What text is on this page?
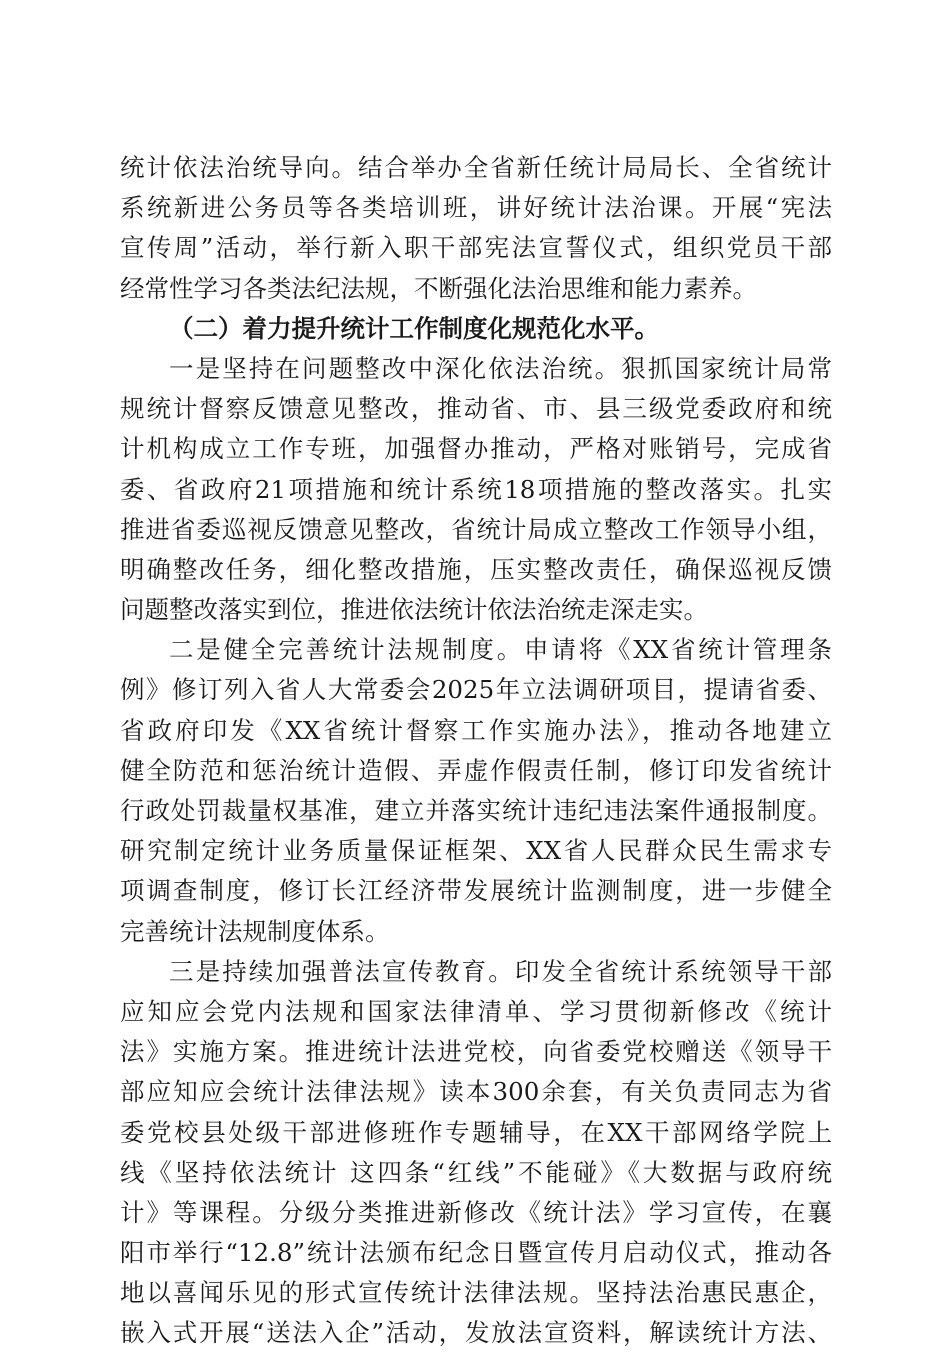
统计依法治统导向。结合举办全省新任统计局局长、全省统计
系统新进公务员等各类培训班，讲好统计法治课。开展“宪法
宣传周”活动，举行新入职干部宪法宣誓仪式，组织党员干部
经常性学习各类法纪法规，不断强化法治思维和能力素养。
（二）着力提升统计工作制度化规范化水平。
一是坚持在问题整改中深化依法治统。狠抓国家统计局常
规统计督察反馈意见整改，推动省、市、县三级党委政府和统
计机构成立工作专班，加强督办推动，严格对账销号，完成省
委、省政府21项措施和统计系统18项措施的整改落实。扎实
推进省委巡视反馈意见整改，省统计局成立整改工作领导小组，
明确整改任务，细化整改措施，压实整改责任，确保巡视反馈
问题整改落实到位，推进依法统计依法治统走深走实。
二是健全完善统计法规制度。申请将《XX省统计管理条
例》修订列入省人大常委会2025年立法调研项目，提请省委、
省政府印发《XX省统计督察工作实施办法》，推动各地建立
健全防范和惩治统计造假、弄虚作假责任制，修订印发省统计
行政处罚裁量权基准，建立并落实统计违纪违法案件通报制度。
研究制定统计业务质量保证框架、XX省人民群众民生需求专
项调查制度，修订长江经济带发展统计监测制度，进一步健全
完善统计法规制度体系。
三是持续加强普法宣传教育。印发全省统计系统领导干部
应知应会党内法规和国家法律清单、学习贯彻新修改《统计
法》实施方案。推进统计法进党校，向省委党校赠送《领导干
部应知应会统计法律法规》读本300余套，有关负责同志为省
委党校县处级干部进修班作专题辅导，在XX干部网络学院上
线《坚持依法统计 这四条“红线”不能碰》《大数据与政府统
计》等课程。分级分类推进新修改《统计法》学习宣传，在襄
阳市举行“12.8”统计法颁布纪念日暨宣传月启动仪式，推动各
地以喜闻乐见的形式宣传统计法律法规。坚持法治惠民惠企，
嵌入式开展“送法入企”活动，发放法宣资料，解读统计方法、
